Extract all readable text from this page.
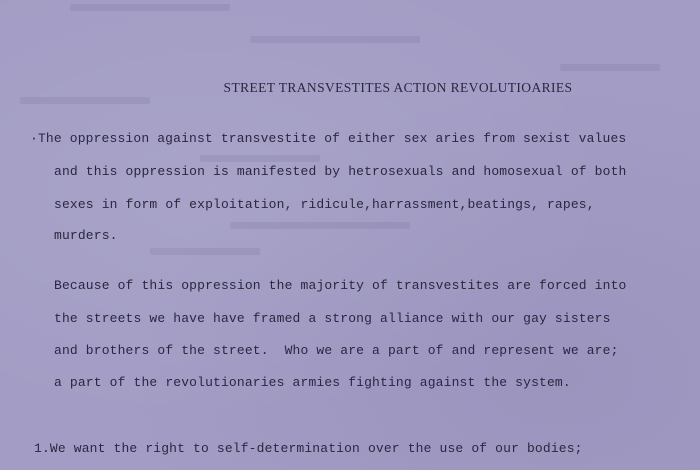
STREET TRANSVESTITES ACTION REVOLUTIOARIES
·The oppression against transvestite of either sex aries from sexist values
and this oppression is manifested by hetrosexuals and homosexual of both
sexes in form of exploitation, ridicule,harrassment,beatings, rapes,
murders.
Because of this oppression the majority of transvestites are forced into
the streets we have have framed a strong alliance with our gay sisters
and brothers of the street.  Who we are a part of and represent we are;
a part of the revolutionaries armies fighting against the system.
1.We want the right to self-determination over the use of our bodies;
